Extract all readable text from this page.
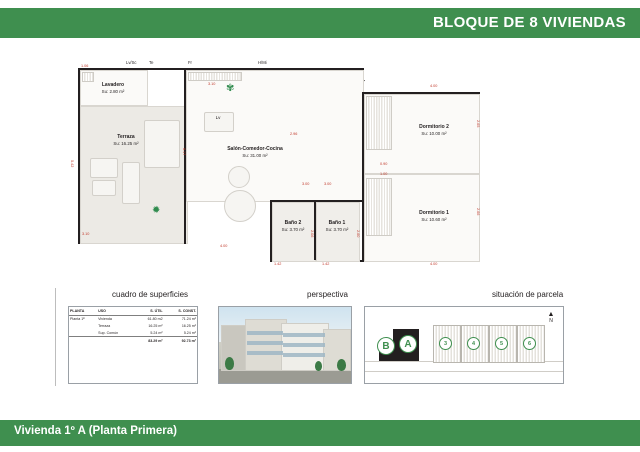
BLOQUE DE 8 VIVIENDAS
Lv/Sc	Te	Fr	H/Mi
Lavadero
Su: 2.80 m²
1.06
Terraza
Su: 16.25 m²
✹
5.42
3.10
Salón-Comedor-Cocina
Su: 31.00 m²
Lv
✾
3.10
2.96
6.17
4.00
Baño 2
Su: 3.70 m²
Baño 1
Su: 3.70 m²
1.42	1.42
2.06	2.60
3.00
Dormitorio 2
Su: 10.00 m²
4.00
2.65
Dormitorio 1
Su: 10.60 m²
4.00
2.66
0.90
1.00
3.00
cuadro de superficies	perspectiva	situación de parcela
PLANTA	USO	S. ÚTIL	S. CONST.
Planta 1ª	Vivienda	61.80 m2	71.24 m²
	Terraza	16.25 m²	16.25 m²
	Sup. Común	5.24 m²	5.24 m²
		83.29 m²	92.73 m²	B	A	3	4	5	6
▲
N
Vivienda 1º A (Planta Primera)
